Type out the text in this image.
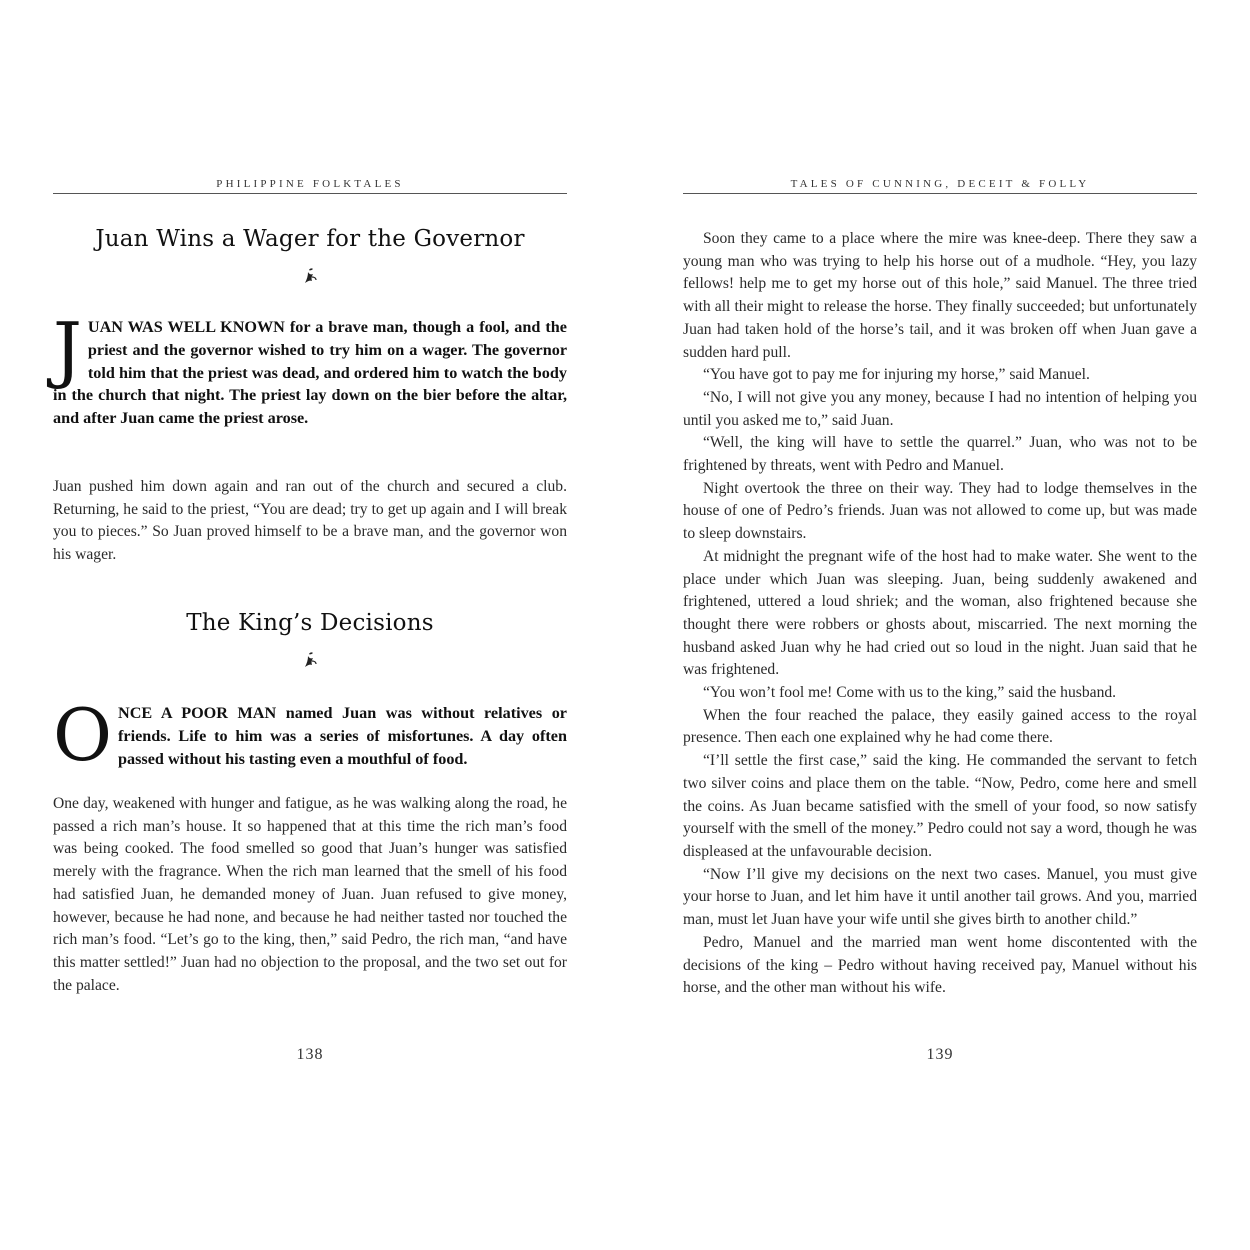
PHILIPPINE FOLKTALES
Juan Wins a Wager for the Governor

JUAN WAS WELL KNOWN for a brave man, though a fool, and the priest and the governor wished to try him on a wager. The governor told him that the priest was dead, and ordered him to watch the body in the church that night. The priest lay down on the bier before the altar, and after Juan came the priest arose.

Juan pushed him down again and ran out of the church and secured a club. Returning, he said to the priest, “You are dead; try to get up again and I will break you to pieces.” So Juan proved himself to be a brave man, and the governor won his wager.

The King’s Decisions

ONCE A POOR MAN named Juan was without relatives or friends. Life to him was a series of misfortunes. A day often passed without his tasting even a mouthful of food.

One day, weakened with hunger and fatigue, as he was walking along the road, he passed a rich man’s house. It so happened that at this time the rich man’s food was being cooked. The food smelled so good that Juan’s hunger was satisfied merely with the fragrance. When the rich man learned that the smell of his food had satisfied Juan, he demanded money of Juan. Juan refused to give money, however, because he had none, and because he had neither tasted nor touched the rich man’s food. “Let’s go to the king, then,” said Pedro, the rich man, “and have this matter settled!” Juan had no objection to the proposal, and the two set out for the palace.

138
TALES OF CUNNING, DECEIT & FOLLY

Soon they came to a place where the mire was knee-deep. There they saw a young man who was trying to help his horse out of a mudhole. “Hey, you lazy fellows! help me to get my horse out of this hole,” said Manuel. The three tried with all their might to release the horse. They finally succeeded; but unfortunately Juan had taken hold of the horse’s tail, and it was broken off when Juan gave a sudden hard pull.

“You have got to pay me for injuring my horse,” said Manuel.

“No, I will not give you any money, because I had no intention of helping you until you asked me to,” said Juan.

“Well, the king will have to settle the quarrel.” Juan, who was not to be frightened by threats, went with Pedro and Manuel.

Night overtook the three on their way. They had to lodge themselves in the house of one of Pedro’s friends. Juan was not allowed to come up, but was made to sleep downstairs.

At midnight the pregnant wife of the host had to make water. She went to the place under which Juan was sleeping. Juan, being suddenly awakened and frightened, uttered a loud shriek; and the woman, also frightened because she thought there were robbers or ghosts about, miscarried. The next morning the husband asked Juan why he had cried out so loud in the night. Juan said that he was frightened.

“You won’t fool me! Come with us to the king,” said the husband.

When the four reached the palace, they easily gained access to the royal presence. Then each one explained why he had come there.

“I’ll settle the first case,” said the king. He commanded the servant to fetch two silver coins and place them on the table. “Now, Pedro, come here and smell the coins. As Juan became satisfied with the smell of your food, so now satisfy yourself with the smell of the money.” Pedro could not say a word, though he was displeased at the unfavourable decision.

“Now I’ll give my decisions on the next two cases. Manuel, you must give your horse to Juan, and let him have it until another tail grows. And you, married man, must let Juan have your wife until she gives birth to another child.”

Pedro, Manuel and the married man went home discontented with the decisions of the king – Pedro without having received pay, Manuel without his horse, and the other man without his wife.

139
